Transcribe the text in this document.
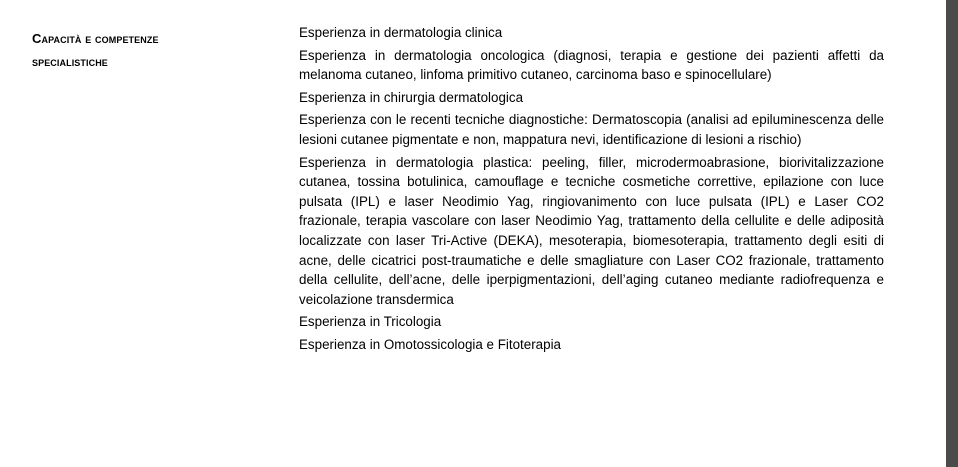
Capacità e competenze
specialistiche

Esperienza in dermatologia clinica

Esperienza in dermatologia oncologica (diagnosi, terapia e gestione dei pazienti affetti da melanoma cutaneo, linfoma primitivo cutaneo, carcinoma baso e spinocellulare)

Esperienza in chirurgia dermatologica

Esperienza con le recenti tecniche diagnostiche: Dermatoscopia (analisi ad epiluminescenza delle lesioni cutanee pigmentate e non, mappatura nevi, identificazione di lesioni a rischio)

Esperienza in dermatologia plastica: peeling, filler, microdermoabrasione, biorivitalizzazione cutanea, tossina botulinica, camouflage e tecniche cosmetiche correttive, epilazione con luce pulsata (IPL) e laser Neodimio Yag, ringiovanimento con luce pulsata (IPL) e Laser CO2 frazionale, terapia vascolare con laser Neodimio Yag, trattamento della cellulite e delle adiposità localizzate con laser Tri-Active (DEKA), mesoterapia, biomesoterapia, trattamento degli esiti di acne, delle cicatrici post-traumatiche e delle smagliature con Laser CO2 frazionale, trattamento della cellulite, dell’acne, delle iperpigmentazioni, dell’aging cutaneo mediante radiofrequenza e veicolazione transdermica

Esperienza in Tricologia

Esperienza in Omotossicologia e Fitoterapia
